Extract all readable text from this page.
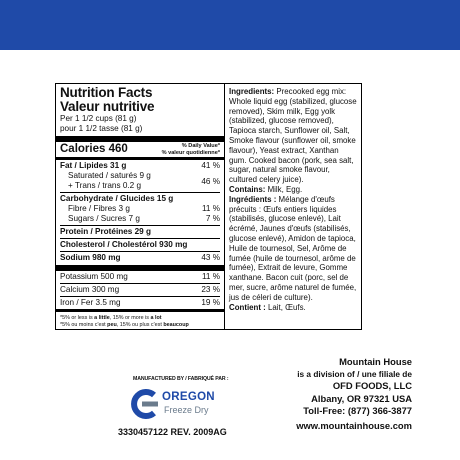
Nutrition Facts
Valeur nutritive
Per 1 1/2 cups (81 g)
pour 1 1/2 tasse (81 g)
Calories 460	% Daily Value*
% valeur quotidienne*
Fat / Lipides 31 g	41 %
Saturated / saturés 9 g
+ Trans / trans 0.2 g	46 %
Carbohydrate / Glucides 15 g
Fibre / Fibres 3 g	11 %
Sugars / Sucres 7 g	7 %
Protein / Protéines 29 g
Cholesterol / Cholestérol 930 mg
Sodium 980 mg	43 %
Potassium 500 mg	11 %
Calcium 300 mg	23 %
Iron / Fer 3.5 mg	19 %
*5% or less is a little, 15% or more is a lot
*5% ou moins c'est peu, 15% ou plus c'est beaucoup

Ingredients: Precooked egg mix: Whole liquid egg (stabilized, glucose removed), Skim milk, Egg yolk (stabilized, glucose removed), Tapioca starch, Sunflower oil, Salt, Smoke flavour (sunflower oil, smoke flavour), Yeast extract, Xanthan gum. Cooked bacon (pork, sea salt, sugar, natural smoke flavour, cultured celery juice).

Contains: Milk, Egg.

Ingrédients : Mélange d'œufs précuits : Œufs entiers liquides (stabilisés, glucose enlevé), Lait écrémé, Jaunes d'œufs (stabilisés, glucose enlevé), Amidon de tapioca, Huile de tournesol, Sel, Arôme de fumée (huile de tournesol, arôme de fumée), Extrait de levure, Gomme xanthane. Bacon cuit (porc, sel de mer, sucre, arôme naturel de fumée, jus de céleri de culture).

Contient : Lait, Œufs.

MANUFACTURED BY / FABRIQUÉ PAR :
OREGON
Freeze Dry
3330457122 REV. 2009AG
Mountain House
is a division of / une filiale de
OFD FOODS, LLC
Albany, OR 97321 USA
Toll-Free: (877) 366-3877
www.mountainhouse.com
